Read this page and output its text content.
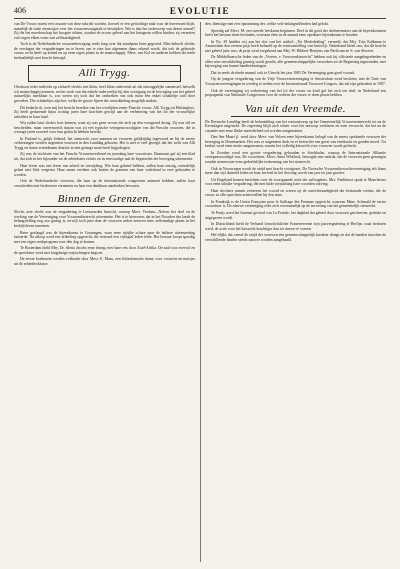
406	EVOLUTIE

van De Vrouw moest een courant van deze rubriek worden, hoewel er een gewichtige taak voor de lezeressen blijft, namelijk de oude zienswijze over het vrouwenvraagstuk te bestrijden. Wat is dan het onderwerp van dezen aanval? Zij die het moederschap het hoogste achten, zouden de vrouw geheel aan het huisgezin willen binden; zij verzetten zich tegen elken vorm van zelfstandigheid.

Toch is de Nederlandsche vrouwenbeweging reeds lang over dat standpunt heen gegroeid. Men behoeft slechts de verslagen der vergaderingen na te lezen, om te zien hoe algemeen thans erkend wordt, dat ook de gehuwde vrouw recht heeft op arbeid en op eene eigen plaats in de maatschappij. Mevr. van Kol en anderen hebben dit reeds herhaaldelijk met kracht betoogd.

Alli Trygg.

Ofschoon ieder individu op zichzelf slechts een klein, heel klein raderwerk uit dat ontzaggelijke samenstel, hetwelk wij maatschappij noemen, en het werk van dat enkele raderwerkje bij den voortgang en de beweging van het geheel nauwelijks merkbaar is, zoo weten wij toch dat het ontbreken van ook maar één enkel schakeltje zich doet gevoelen. Die schakeltjes zijn het, welke de groote lijnen der ontwikkeling mogelijk maken.

Dit bedacht ik, toen mij het bericht bereikte van het overlijden eener Finsche vrouw, Alli Trygg uit Helsingfors. Zij heeft gedurende bijna twintig jaren hare krachten gewijd aan de verbetering van het lot der vrouwelijke arbeiders in haar land.

Wij zullen haar slechts kort kennen, want zij was geen vrouw die zich op den voorgrond drong. Zij was stil en bescheiden, maar onvermoeid; daarin was zij een typische vertegenwoordigster van die Finsche vrouwen, die in weinige jaren zooveel voor hun geslacht hebben bereikt.

In Finland is, gelijk bekend, het stemrecht voor mannen en vrouwen gelijktijdig ingevoerd en bij de eerste verkiezingen werden negentien vrouwen in den Landdag gekozen. Het is niet te veel gezegd, dat het werk van Alli Trygg en haren vriendinnen daartoe in niet geringe mate heeft bijgedragen.

Zij was de stichtster van het Finsche Vrouwenverbond en jarenlang hare voorzitster. Daarnaast gaf zij een blad uit, dat zich in het bijzonder tot de arbeidsters richtte en in eenvoudige taal de beginselen der beweging uiteenzette.

Haar leven was een leven van arbeid en toewijding. Wie haar gekend hebben, zullen haar ernstig, vriendelijk gelaat niet licht vergeten. Haar naam verdient ook buiten de grenzen van haar vaderland in eere gehouden te worden.

Ook de Nederlandsche vrouwen, die haar op de internationale congressen ontmoet hebben, zullen haar verscheiden met leedwezen vernemen en haar een dankbaar aandenken bewaren.

Binnen de Grenzen.

Slecht, zeer slecht was de vergadering te Leeuwarden bezocht, waarop Mevr. Verdam—Nolens het doel en de werking van de Vereeniging voor Vrouwenkiesrecht uiteenzette. Het is te betreuren, dat in het Noorden des lands de belangstelling nog zoo gering is, terwijl toch juist daar de vrouwen sedert eeuwen eene zelfstandige plaats in het bedrijfsleven innemen.

Beter geslaagd was de bijeenkomst te Groningen, waar eene talrijke schare naar de heldere uiteenzetting luisterde. Na afloop werd een afdeeling opgericht, die terstond een vijftigtal leden telde. Het bestuur hoopt spoedig met een eigen werkprogram voor den dag te komen.

Te Rotterdam hield Mej. Dr. Aletta Jacobs eene lezing over hare reis door Zuid-Afrika. De zaal was overvol en de spreekster werd met langdurige toejuichingen begroet.

De eerste boekenzes werden volbracht door Mevr. E. Maas, een Schiedamsche dame, voor vrouwen en meisjes uit de arbeidersklasse.

den, dienstige met een opsomming der, welke vele belangstellenden had gelokt.

Spoedig zal Mevr. M. een tweede leeskrans beginnen. Deel in dit getal der deelneemsters aan de bijeenkomsten heeft het bestuur doen besluiten, voortaan ééns in de maand eene openbare bijeenkomst te houden.

In No. 39 hadden wij aan het slot van het artikel: „Ter Mededeeling” vermeld, dat Mej. Trijs Kalkman te Amsterdam den eersten prijs heeft behaald op de tentoonstelling van huisvlijt. Naderhand bleek ons, dat dit bericht niet geheel juist was; de prijs werd toegekend aan Mej. W. Ribbert-Bertjens van Berlicum en S. van Slooten.

De Middelbaarsche leden van de „Vereen. v. Vrouwenkiesrecht” hebben ook bij officieele aangelegenheden en allen wier ontwikkeling gunstig wordt geacht, alle gemeenschappelijke verzoeken tot de Regeering ingezonden, met bijvoeging van hunne handteekeningen.

Dat in reeds de derde maand, ook te Utrecht het jaar 1905 De Vereeniging gaat goed vooruit.

Op de jongste vergadering van de Vrije Vrouwenvereeniging te Amsterdam werd besloten, met de Unie van Vrouwenvereenigingen in overleg te treden over de Internationaal Vrouwen-Congres, dat zal zijn gehouden in 1907.

Ook de vereeniging tot verbetering van het lot der vrouw en kind gaf het zich ten doel, in Nederland een propaganda van Nationale Congressen voor de rechten der vrouw te doen plaats hebben.

Van uit den Vreemde.

De Deensche Landdag heeft de behandeling van het wetsontwerp op het Gemeentelijk Vrouwenstemrecht tot na de Kerstdagen uitgesteld. De regeering blijft zich echter voor het ontwerp verklaren en men verwacht, dat het na de vacantie met eene flinke meerderheid zal worden aangenomen.

Den 9en Maart jl. werd door Mevr. van Velzen eene bijeenkomst belegd van de meest sprekende vrouwen der beweging in Denemarken. Het was er ongemeen druk en er heerschte een geest van eendracht en goeden moed. Tot besluit werd eene motie aangenomen, waarin het volledig kiesrecht voor vrouwen wordt geëischt.

In Zweden werd een groote vergadering gehouden te Stockholm, waarop de Internationale Alliantie vertegenwoordigd was. De voorzitster, Mevr. Anna Whitlock, betoogde met nadruk, dat de vrouwen geen genoegen zouden nemen met eene gedeeltelijke toekenning van het stemrecht.

Ook in Noorwegen wordt de strijd met kracht voortgezet. De Noorsche Vrouwenkiesrechtvereeniging telt thans meer dan vijf duizend leden en haar invloed in het Storting wordt van jaar tot jaar grooter.

Uit Engeland komen berichten over de voortgaande actie der suffragettes. Mrs. Pankhurst sprak te Manchester voor eene talrijke vergadering, die met luide toejuiching hare woorden ontving.

Haar dochters namen eveneens het woord en wezen op de onrechtvaardigheid der bestaande wetten, die de vrouw in alle opzichten achterstellen bij den man.

In Frankrijk is de Union Française pour le Suffrage des Femmes opgericht, waarvan Mme. Schmahl de eerste voorzitster is. De nieuwe vereeniging richt zich voornamelijk op de invoering van het gemeentelijk stemrecht.

Te Parijs werd het lustrum gevierd van La Fronde, het dagblad dat geheel door vrouwen geschreven, gedrukt en uitgegeven wordt.

In Duitschland hield de Verband fortschrittlicher Frauenvereine zijn jaarvergadering te Berlijn, waar besloten werd, de actie voor het kiesrecht krachtiger dan tot dusver te voeren.

Het blijkt, dat overal de strijd der vrouwen een gemeenschappelijk karakter draagt en dat de banden tusschen de verschillende landen steeds nauwer worden aangehaald.
